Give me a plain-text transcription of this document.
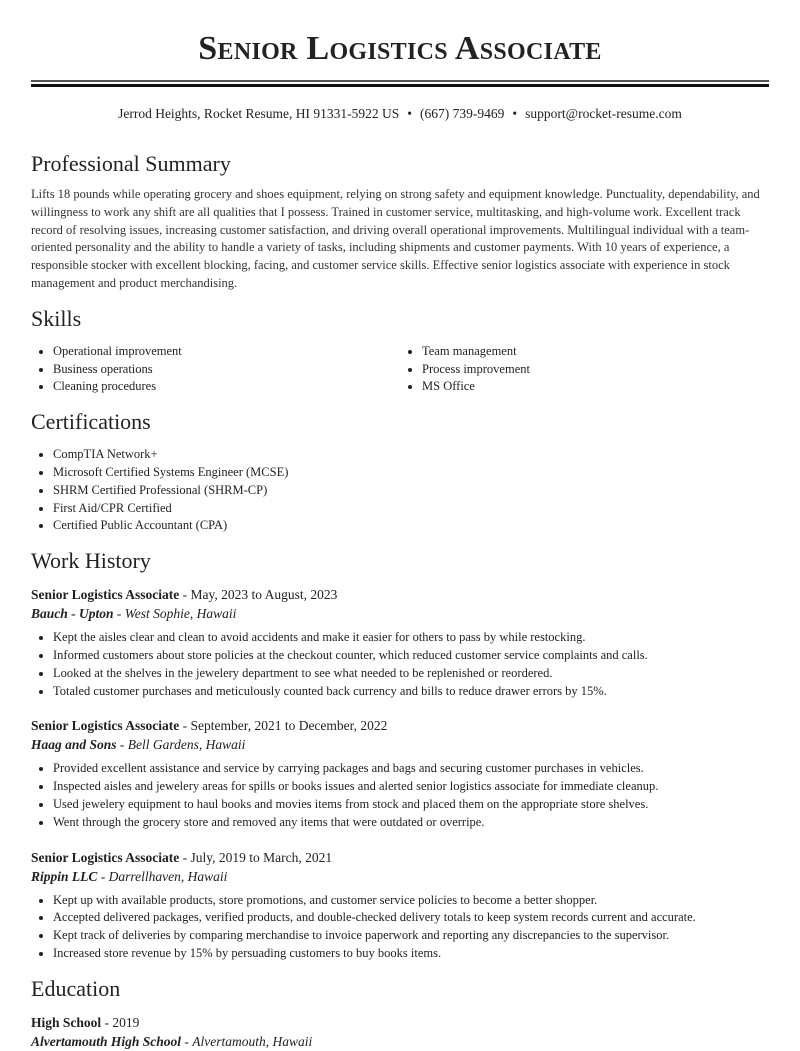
Senior Logistics Associate
Jerrod Heights, Rocket Resume, HI 91331-5922 US • (667) 739-9469 • support@rocket-resume.com
Professional Summary

Lifts 18 pounds while operating grocery and shoes equipment, relying on strong safety and equipment knowledge. Punctuality, dependability, and willingness to work any shift are all qualities that I possess. Trained in customer service, multitasking, and high-volume work. Excellent track record of resolving issues, increasing customer satisfaction, and driving overall operational improvements. Multilingual individual with a team-oriented personality and the ability to handle a variety of tasks, including shipments and customer payments. With 10 years of experience, a responsible stocker with excellent blocking, facing, and customer service skills. Effective senior logistics associate with experience in stock management and product merchandising.

Skills
• Operational improvement
• Business operations
• Cleaning procedures
• Team management
• Process improvement
• MS Office
Certifications
• CompTIA Network+
• Microsoft Certified Systems Engineer (MCSE)
• SHRM Certified Professional (SHRM-CP)
• First Aid/CPR Certified
• Certified Public Accountant (CPA)
Work History
Senior Logistics Associate - May, 2023 to August, 2023
Bauch - Upton - West Sophie, Hawaii
• Kept the aisles clear and clean to avoid accidents and make it easier for others to pass by while restocking.
• Informed customers about store policies at the checkout counter, which reduced customer service complaints and calls.
• Looked at the shelves in the jewelery department to see what needed to be replenished or reordered.
• Totaled customer purchases and meticulously counted back currency and bills to reduce drawer errors by 15%.
Senior Logistics Associate - September, 2021 to December, 2022
Haag and Sons - Bell Gardens, Hawaii
• Provided excellent assistance and service by carrying packages and bags and securing customer purchases in vehicles.
• Inspected aisles and jewelery areas for spills or books issues and alerted senior logistics associate for immediate cleanup.
• Used jewelery equipment to haul books and movies items from stock and placed them on the appropriate store shelves.
• Went through the grocery store and removed any items that were outdated or overripe.
Senior Logistics Associate - July, 2019 to March, 2021
Rippin LLC - Darrellhaven, Hawaii
• Kept up with available products, store promotions, and customer service policies to become a better shopper.
• Accepted delivered packages, verified products, and double-checked delivery totals to keep system records current and accurate.
• Kept track of deliveries by comparing merchandise to invoice paperwork and reporting any discrepancies to the supervisor.
• Increased store revenue by 15% by persuading customers to buy books items.
Education
High School - 2019
Alvertamouth High School - Alvertamouth, Hawaii
